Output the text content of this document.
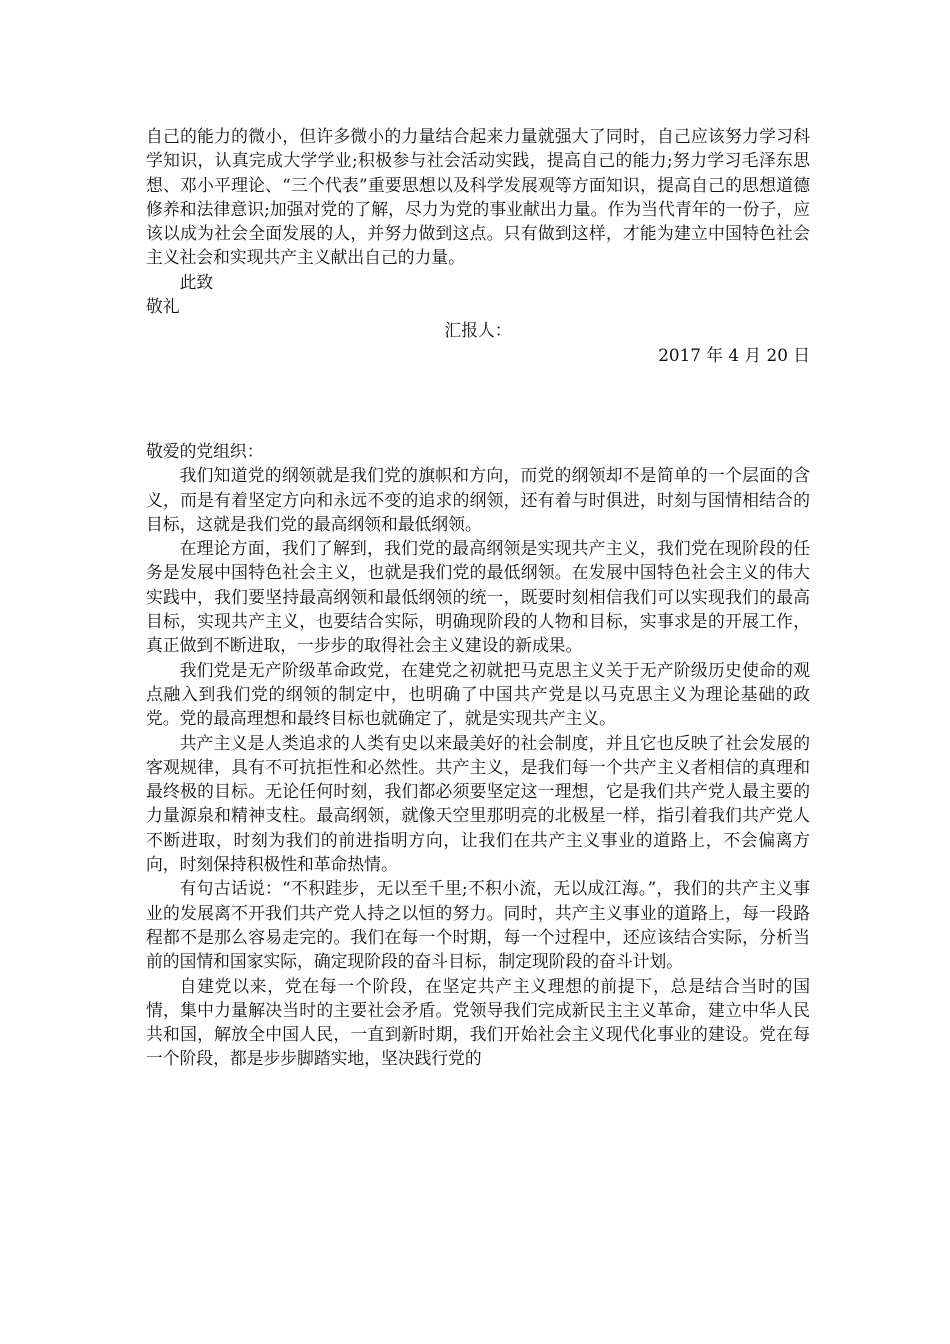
自己的能力的微小，但许多微小的力量结合起来力量就强大了同时，自己应该努力学习科学知识，认真完成大学学业;积极参与社会活动实践，提高自己的能力;努力学习毛泽东思想、邓小平理论、“三个代表”重要思想以及科学发展观等方面知识，提高自己的思想道德修养和法律意识;加强对党的了解，尽力为党的事业献出力量。作为当代青年的一份子，应该以成为社会全面发展的人，并努力做到这点。只有做到这样，才能为建立中国特色社会主义社会和实现共产主义献出自己的力量。

此致

敬礼

汇报人：

2017 年 4 月 20 日

敬爱的党组织：

我们知道党的纲领就是我们党的旗帜和方向，而党的纲领却不是简单的一个层面的含义，而是有着坚定方向和永远不变的追求的纲领，还有着与时俱进，时刻与国情相结合的目标，这就是我们党的最高纲领和最低纲领。

在理论方面，我们了解到，我们党的最高纲领是实现共产主义，我们党在现阶段的任务是发展中国特色社会主义，也就是我们党的最低纲领。在发展中国特色社会主义的伟大实践中，我们要坚持最高纲领和最低纲领的统一，既要时刻相信我们可以实现我们的最高目标，实现共产主义，也要结合实际，明确现阶段的人物和目标，实事求是的开展工作，真正做到不断进取，一步步的取得社会主义建设的新成果。

我们党是无产阶级革命政党，在建党之初就把马克思主义关于无产阶级历史使命的观点融入到我们党的纲领的制定中，也明确了中国共产党是以马克思主义为理论基础的政党。党的最高理想和最终目标也就确定了，就是实现共产主义。

共产主义是人类追求的人类有史以来最美好的社会制度，并且它也反映了社会发展的客观规律，具有不可抗拒性和必然性。共产主义，是我们每一个共产主义者相信的真理和最终极的目标。无论任何时刻，我们都必须要坚定这一理想，它是我们共产党人最主要的力量源泉和精神支柱。最高纲领，就像天空里那明亮的北极星一样，指引着我们共产党人不断进取，时刻为我们的前进指明方向，让我们在共产主义事业的道路上，不会偏离方向，时刻保持积极性和革命热情。

有句古话说：“不积跬步，无以至千里;不积小流，无以成江海。”，我们的共产主义事业的发展离不开我们共产党人持之以恒的努力。同时，共产主义事业的道路上，每一段路程都不是那么容易走完的。我们在每一个时期，每一个过程中，还应该结合实际，分析当前的国情和国家实际，确定现阶段的奋斗目标，制定现阶段的奋斗计划。

自建党以来，党在每一个阶段，在坚定共产主义理想的前提下，总是结合当时的国情，集中力量解决当时的主要社会矛盾。党领导我们完成新民主主义革命，建立中华人民共和国，解放全中国人民，一直到新时期，我们开始社会主义现代化事业的建设。党在每一个阶段，都是步步脚踏实地，坚决践行党的
